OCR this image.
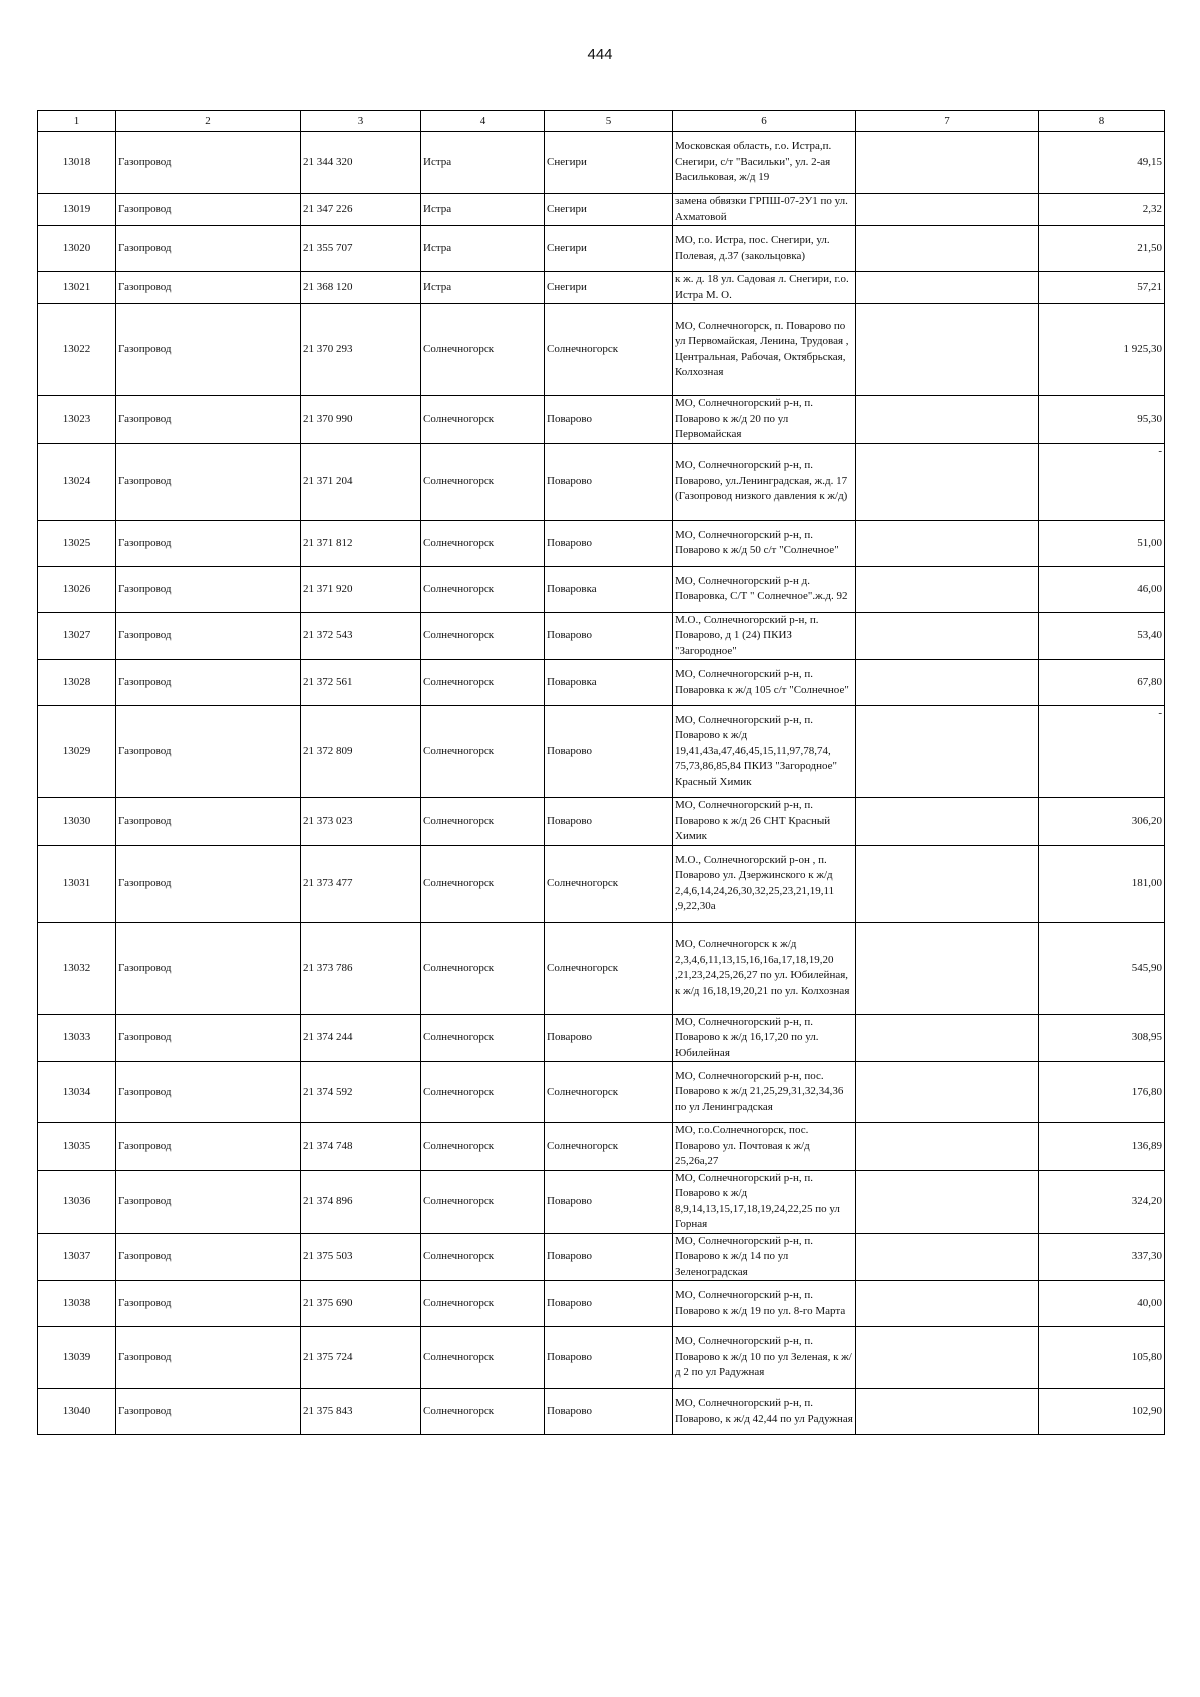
444
1	2	3	4	5	6	7	8
13018	Газопровод	21 344 320	Истра	Снегири	Московская область, г.о. Истра,п. Снегири, с/т "Васильки", ул. 2-ая Васильковая, ж/д 19		49,15
13019	Газопровод	21 347 226	Истра	Снегири	замена обвязки ГРПШ-07-2У1 по ул. Ахматовой		2,32
13020	Газопровод	21 355 707	Истра	Снегири	МО, г.о. Истра, пос. Снегири, ул. Полевая, д.37 (закольцовка)		21,50
13021	Газопровод	21 368 120	Истра	Снегири	к ж. д. 18 ул. Садовая л. Снегири, г.о. Истра М. О.		57,21
13022	Газопровод	21 370 293	Солнечногорск	Солнечногорск	МО, Солнечногорск, п. Поварово по ул Первомайская, Ленина, Трудовая , Центральная, Рабочая, Октябрьская, Колхозная		1 925,30
13023	Газопровод	21 370 990	Солнечногорск	Поварово	МО, Солнечногорский р-н, п. Поварово к ж/д 20 по ул Первомайская		95,30
13024	Газопровод	21 371 204	Солнечногорск	Поварово	МО, Солнечногорский р-н, п. Поварово, ул.Ленинградская, ж.д. 17 (Газопровод низкого давления к ж/д)		-
13025	Газопровод	21 371 812	Солнечногорск	Поварово	МО, Солнечногорский р-н, п. Поварово к ж/д 50 с/т "Солнечное"		51,00
13026	Газопровод	21 371 920	Солнечногорск	Поваровка	МО, Солнечногорский р-н д. Поваровка, С/Т " Солнечное".ж.д. 92		46,00
13027	Газопровод	21 372 543	Солнечногорск	Поварово	М.О., Солнечногорский р-н, п. Поварово, д 1 (24) ПКИЗ "Загородное"		53,40
13028	Газопровод	21 372 561	Солнечногорск	Поваровка	МО, Солнечногорский р-н, п. Поваровка к ж/д 105 с/т "Солнечное"		67,80
13029	Газопровод	21 372 809	Солнечногорск	Поварово	МО, Солнечногорский р-н, п. Поварово к ж/д 19,41,43а,47,46,45,15,11,97,78,74, 75,73,86,85,84 ПКИЗ "Загородное" Красный Химик		-
13030	Газопровод	21 373 023	Солнечногорск	Поварово	МО, Солнечногорский р-н, п. Поварово к ж/д 26 СНТ Красный Химик		306,20
13031	Газопровод	21 373 477	Солнечногорск	Солнечногорск	М.О., Солнечногорский р-он , п. Поварово ул. Дзержинского к ж/д 2,4,6,14,24,26,30,32,25,23,21,19,11 ,9,22,30а		181,00
13032	Газопровод	21 373 786	Солнечногорск	Солнечногорск	МО, Солнечногорск к ж/д 2,3,4,6,11,13,15,16,16а,17,18,19,20 ,21,23,24,25,26,27 по ул. Юбилейная, к ж/д 16,18,19,20,21 по ул. Колхозная		545,90
13033	Газопровод	21 374 244	Солнечногорск	Поварово	МО, Солнечногорский р-н, п. Поварово к ж/д 16,17,20 по ул. Юбилейная		308,95
13034	Газопровод	21 374 592	Солнечногорск	Солнечногорск	МО, Солнечногорский р-н, пос. Поварово к ж/д 21,25,29,31,32,34,36 по ул Ленинградская		176,80
13035	Газопровод	21 374 748	Солнечногорск	Солнечногорск	МО, г.о.Солнечногорск, пос. Поварово ул. Почтовая к ж/д 25,26а,27		136,89
13036	Газопровод	21 374 896	Солнечногорск	Поварово	МО, Солнечногорский р-н, п. Поварово к ж/д 8,9,14,13,15,17,18,19,24,22,25 по ул Горная		324,20
13037	Газопровод	21 375 503	Солнечногорск	Поварово	МО, Солнечногорский р-н, п. Поварово к ж/д 14 по ул Зеленоградская		337,30
13038	Газопровод	21 375 690	Солнечногорск	Поварово	МО, Солнечногорский р-н, п. Поварово к ж/д 19 по ул. 8-го Марта		40,00
13039	Газопровод	21 375 724	Солнечногорск	Поварово	МО, Солнечногорский р-н, п. Поварово к ж/д 10 по ул Зеленая, к ж/д 2 по ул Радужная		105,80
13040	Газопровод	21 375 843	Солнечногорск	Поварово	МО, Солнечногорский р-н, п. Поварово, к ж/д 42,44 по ул Радужная		102,90
